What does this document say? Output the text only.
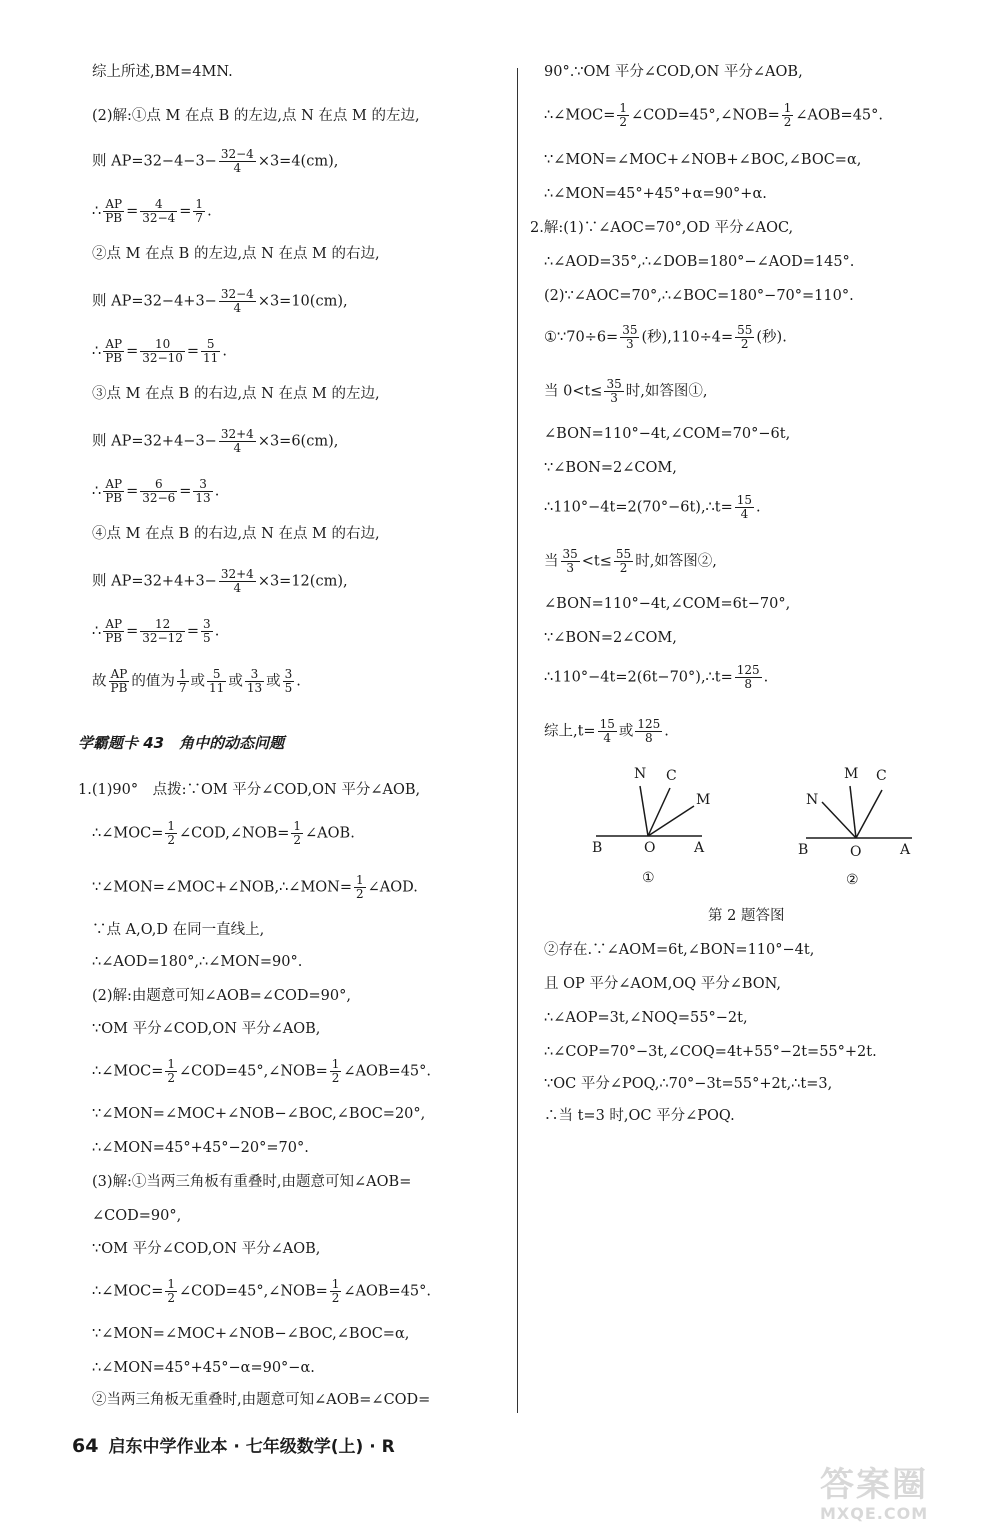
综上所述,BM=4MN.
(2)解:①点 M 在点 B 的左边,点 N 在点 M 的左边,
则 $AP=32-4-3- \frac{32-4}{4} \times 3=4(cm)$,
∴ $\frac{AP}{PB} = \frac{4}{32-4} = \frac{1}{7}$ .
②点 M 在点 B 的左边,点 N 在点 M 的右边,
则 $AP=32-4+3- \frac{32-4}{4} \times 3=10(cm)$,
∴ $\frac{AP}{PB} = \frac{10}{32-10} = \frac{5}{11}$ .
③点 M 在点 B 的右边,点 N 在点 M 的左边,
则 $AP=32+4-3- \frac{32+4}{4} \times 3=6(cm)$,
∴ $\frac{AP}{PB} = \frac{6}{32-6} = \frac{3}{13}$ .
④点 M 在点 B 的右边,点 N 在点 M 的右边,
则 $AP=32+4+3- \frac{32+4}{4} \times 3=12(cm)$,
∴ $\frac{AP}{PB} = \frac{12}{32-12} = \frac{3}{5}$ .
故 $\frac{AP}{PB}$ 的值为 $\frac{1}{7}$ 或 $\frac{5}{11}$ 或 $\frac{3}{13}$ 或 $\frac{3}{5}$ .
学霸题卡 43　角中的动态问题
1.(1)90°　点拨:∵OM 平分∠COD,ON 平分∠AOB,
∴∠MOC= $\frac{1}{2}$ ∠COD,∠NOB= $\frac{1}{2}$ ∠AOB.
∵∠MON=∠MOC+∠NOB,∴∠MON= $\frac{1}{2}$ ∠AOD.
∵点 A,O,D 在同一直线上,
∴∠AOD=180°,∴∠MON=90°.
(2)解:由题意可知∠AOB=∠COD=90°,
∵OM 平分∠COD,ON 平分∠AOB,
∴∠MOC= $\frac{1}{2}$ ∠COD=45°,∠NOB= $\frac{1}{2}$ ∠AOB=45°.
∵∠MON=∠MOC+∠NOB−∠BOC,∠BOC=20°,
∴∠MON=45°+45°−20°=70°.
(3)解:①当两三角板有重叠时,由题意可知∠AOB=
∠COD=90°,
∵OM 平分∠COD,ON 平分∠AOB,
∴∠MOC= $\frac{1}{2}$ ∠COD=45°,∠NOB= $\frac{1}{2}$ ∠AOB=45°.
∵∠MON=∠MOC+∠NOB−∠BOC,∠BOC=α,
∴∠MON=45°+45°−α=90°−α.
②当两三角板无重叠时,由题意可知∠AOB=∠COD=
90°.∵OM 平分∠COD,ON 平分∠AOB,
∴∠MOC= $\frac{1}{2}$ ∠COD=45°,∠NOB= $\frac{1}{2}$ ∠AOB=45°.
∵∠MON=∠MOC+∠NOB+∠BOC,∠BOC=α,
∴∠MON=45°+45°+α=90°+α.
2.解:(1)∵∠AOC=70°,OD 平分∠AOC,
∴∠AOD=35°,∴∠DOB=180°−∠AOD=145°.
(2)∵∠AOC=70°,∴∠BOC=180°−70°=110°.
①∵70÷6= $\frac{35}{3}$ (秒)$,110\div 4= \frac{55}{2}$ (秒).
当 $0<t\le \frac{35}{3}$ 时,如答图①,
∠BON=110°−4t,∠COM=70°−6t,
∵∠BON=2∠COM,
∴110°−4t=2(70°−6t),∴t= $\frac{15}{4}$ .
当 $\frac{35}{3} <t\le \frac{55}{2}$ 时,如答图②,
∠BON=110°−4t,∠COM=6t−70°,
∵∠BON=2∠COM,
∴110°−4t=2(6t−70°),∴t= $\frac{125}{8}$ .
综上$,t= \frac{15}{4}$ 或 $\frac{125}{8}$ .
N C
M
B	O	A
①
M C
N
B	O	A
②
第 2 题答图
②存在.∵∠AOM=6t,∠BON=110°−4t,
且 OP 平分∠AOM,OQ 平分∠BON,
∴∠AOP=3t,∠NOQ=55°−2t,
∴∠COP=70°−3t,∠COQ=4t+55°−2t=55°+2t.
∵OC 平分∠POQ,∴70°−3t=55°+2t,∴t=3,
∴当 t=3 时,OC 平分∠POQ.
64 启东中学作业本 · 七年级数学(上) · R
答案圈
MXQE.COM
